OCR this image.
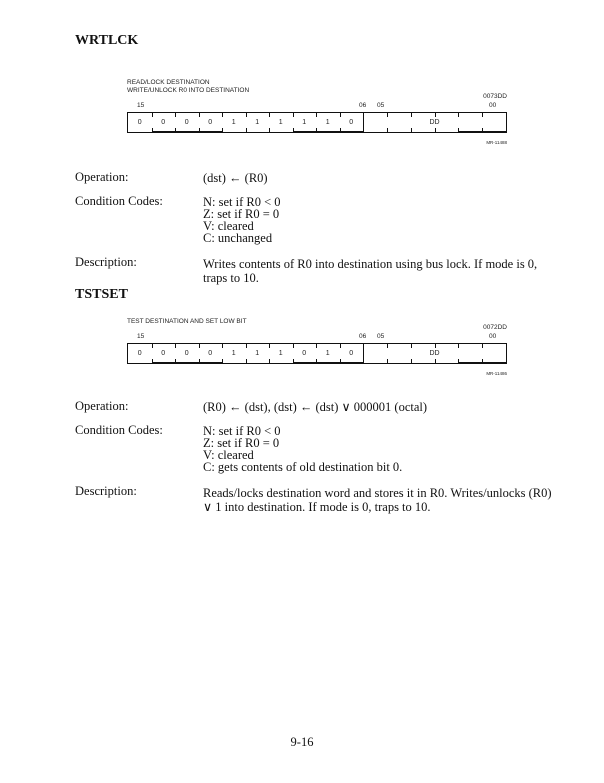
WRTLCK
READ/LOCK DESTINATION
WRITE/UNLOCK R0 INTO DESTINATION
0073DD
15	06 05	00
0	0	0	0	1	1	1	1	1	0	DD
MR-11488
Operation:	(dst) ← (R0)
Condition Codes:	N: set if R0 < 0
Z: set if R0 = 0
V: cleared
C: unchanged
Description:	Writes contents of R0 into destination using bus lock. If mode is 0, traps to 10.
TSTSET
TEST DESTINATION AND SET LOW BIT
0072DD
15	06 05	00
0	0	0	0	1	1	1	0	1	0	DD
MR-11486
Operation:	(R0) ← (dst), (dst) ← (dst) ∨ 000001 (octal)
Condition Codes:	N: set if R0 < 0
Z: set if R0 = 0
V: cleared
C: gets contents of old destination bit 0.
Description:	Reads/locks destination word and stores it in R0. Writes/unlocks (R0) ∨ 1 into destination. If mode is 0, traps to 10.
9-16
